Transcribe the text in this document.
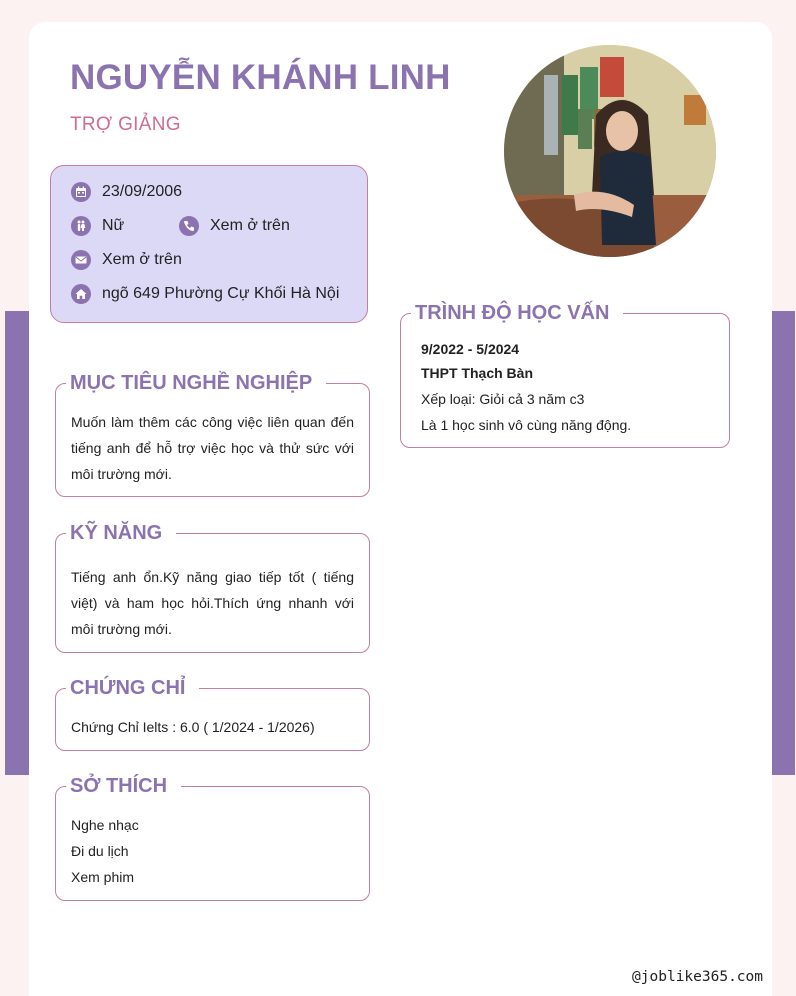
NGUYỄN KHÁNH LINH
TRỢ GIẢNG
23/09/2006
Nữ	Xem ở trên
Xem ở trên
ngõ 649 Phường Cự Khối Hà Nội
MỤC TIÊU NGHỀ NGHIỆP
Muốn làm thêm các công việc liên quan đến tiếng anh để hỗ trợ việc học và thử sức với môi trường mới.
KỸ NĂNG
Tiếng anh ổn.Kỹ năng giao tiếp tốt ( tiếng việt) và ham học hỏi.Thích ứng nhanh với môi trường mới.
CHỨNG CHỈ
Chứng Chỉ Ielts : 6.0 ( 1/2024 - 1/2026)
SỞ THÍCH
Nghe nhạc
Đi du lịch
Xem phim
TRÌNH ĐỘ HỌC VẤN
9/2022 - 5/2024
THPT Thạch Bàn
Xếp loại: Giỏi cả 3 năm c3
Là 1 học sinh vô cùng năng động.
@joblike365.com
